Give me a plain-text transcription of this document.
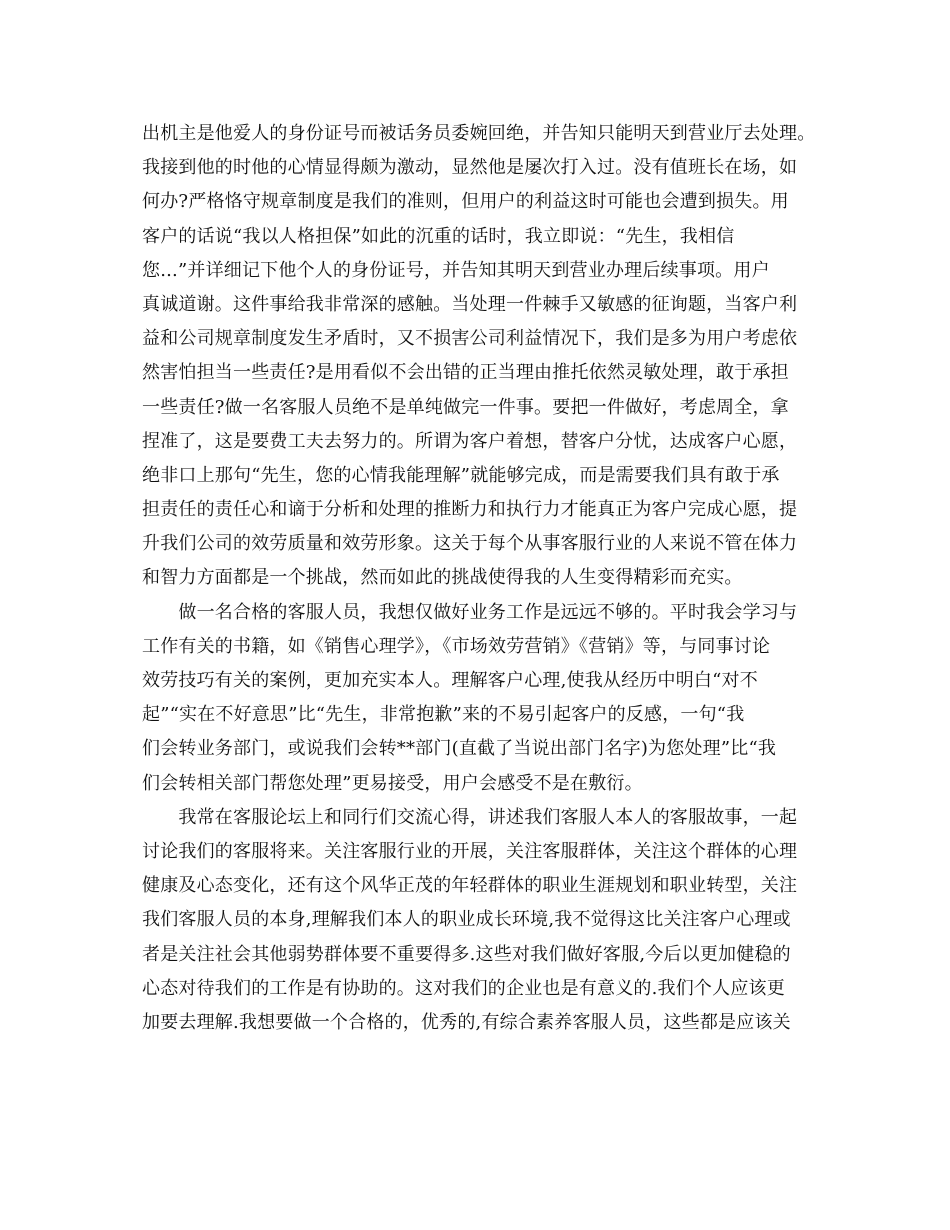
出机主是他爱人的身份证号而被话务员委婉回绝，并告知只能明天到营业厅去处理。
我接到他的时他的心情显得颇为激动，显然他是屡次打入过。没有值班长在场，如
何办?严格恪守规章制度是我们的准则，但用户的利益这时可能也会遭到损失。用
客户的话说“我以人格担保”如此的沉重的话时，我立即说：“先生，我相信
您...”并详细记下他个人的身份证号，并告知其明天到营业办理后续事项。用户
真诚道谢。这件事给我非常深的感触。当处理一件棘手又敏感的征询题，当客户利
益和公司规章制度发生矛盾时，又不损害公司利益情况下，我们是多为用户考虑依
然害怕担当一些责任?是用看似不会出错的正当理由推托依然灵敏处理，敢于承担
一些责任?做一名客服人员绝不是单纯做完一件事。要把一件做好，考虑周全，拿
捏准了，这是要费工夫去努力的。所谓为客户着想，替客户分忧，达成客户心愿，
绝非口上那句“先生，您的心情我能理解”就能够完成，而是需要我们具有敢于承
担责任的责任心和谪于分析和处理的推断力和执行力才能真正为客户完成心愿，提
升我们公司的效劳质量和效劳形象。这关于每个从事客服行业的人来说不管在体力
和智力方面都是一个挑战，然而如此的挑战使得我的人生变得精彩而充实。
　　做一名合格的客服人员，我想仅做好业务工作是远远不够的。平时我会学习与
工作有关的书籍，如《销售心理学》，《市场效劳营销》《营销》等，与同事讨论
效劳技巧有关的案例，更加充实本人。理解客户心理,使我从经历中明白“对不
起”“实在不好意思”比“先生，非常抱歉”来的不易引起客户的反感，一句“我
们会转业务部门，或说我们会转**部门(直截了当说出部门名字)为您处理”比“我
们会转相关部门帮您处理”更易接受，用户会感受不是在敷衍。
　　我常在客服论坛上和同行们交流心得，讲述我们客服人本人的客服故事，一起
讨论我们的客服将来。关注客服行业的开展，关注客服群体，关注这个群体的心理
健康及心态变化，还有这个风华正茂的年轻群体的职业生涯规划和职业转型，关注
我们客服人员的本身,理解我们本人的职业成长环境,我不觉得这比关注客户心理或
者是关注社会其他弱势群体要不重要得多.这些对我们做好客服,今后以更加健稳的
心态对待我们的工作是有协助的。这对我们的企业也是有意义的.我们个人应该更
加要去理解.我想要做一个合格的，优秀的,有综合素养客服人员，这些都是应该关
